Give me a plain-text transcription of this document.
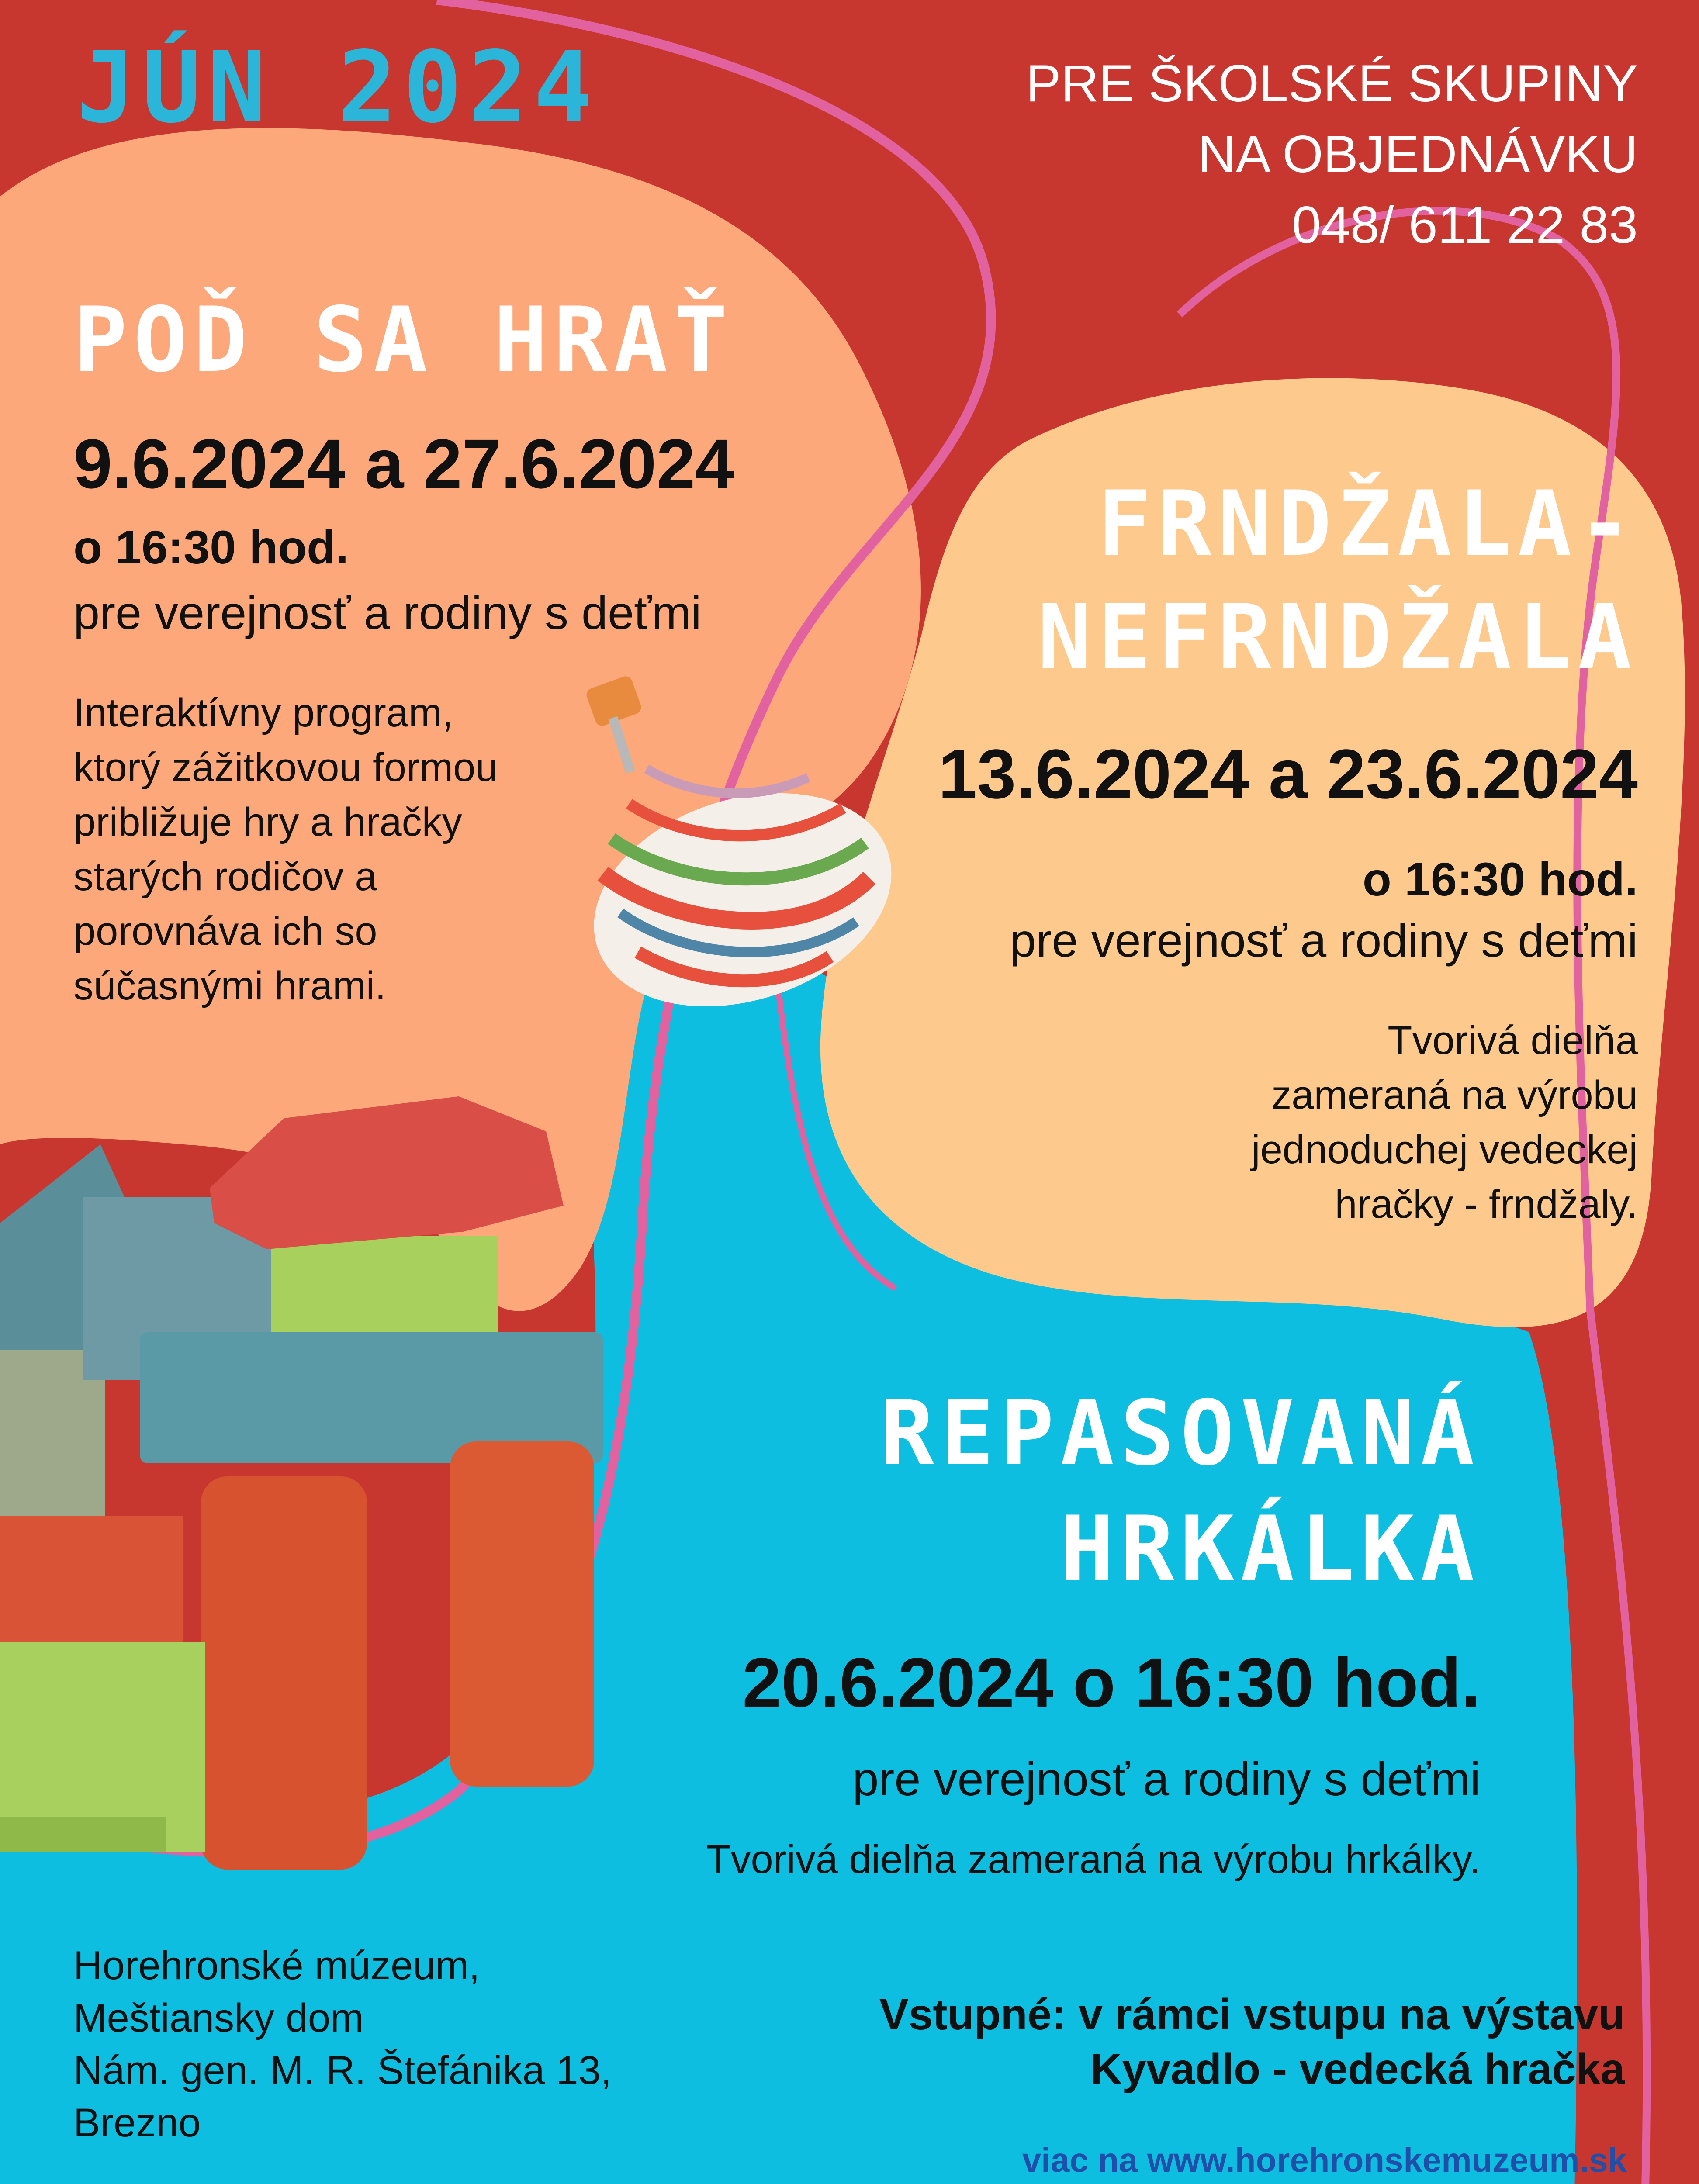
JÚN 2024	PRE ŠKOLSKÉ SKUPINY
NA OBJEDNÁVKU
048/ 611 22 83
POĎ SA HRAŤ
9.6.2024 a 27.6.2024
o 16:30 hod.
pre verejnosť a rodiny s deťmi
Interaktívny program,
ktorý zážitkovou formou
približuje hry a hračky
starých rodičov a
porovnáva ich so
súčasnými hrami.
FRNDŽALA-
NEFRNDŽALA
13.6.2024 a 23.6.2024
o 16:30 hod.
pre verejnosť a rodiny s deťmi
Tvorivá dielňa
zameraná na výrobu
jednoduchej vedeckej
hračky - frndžaly.
REPASOVANÁ
HRKÁLKA
20.6.2024 o 16:30 hod.
pre verejnosť a rodiny s deťmi
Tvorivá dielňa zameraná na výrobu hrkálky.
Horehronské múzeum,
Meštiansky dom
Nám. gen. M. R. Štefánika 13,
Brezno
Vstupné: v rámci vstupu na výstavu
Kyvadlo - vedecká hračka
viac na www.horehronskemuzeum.sk
